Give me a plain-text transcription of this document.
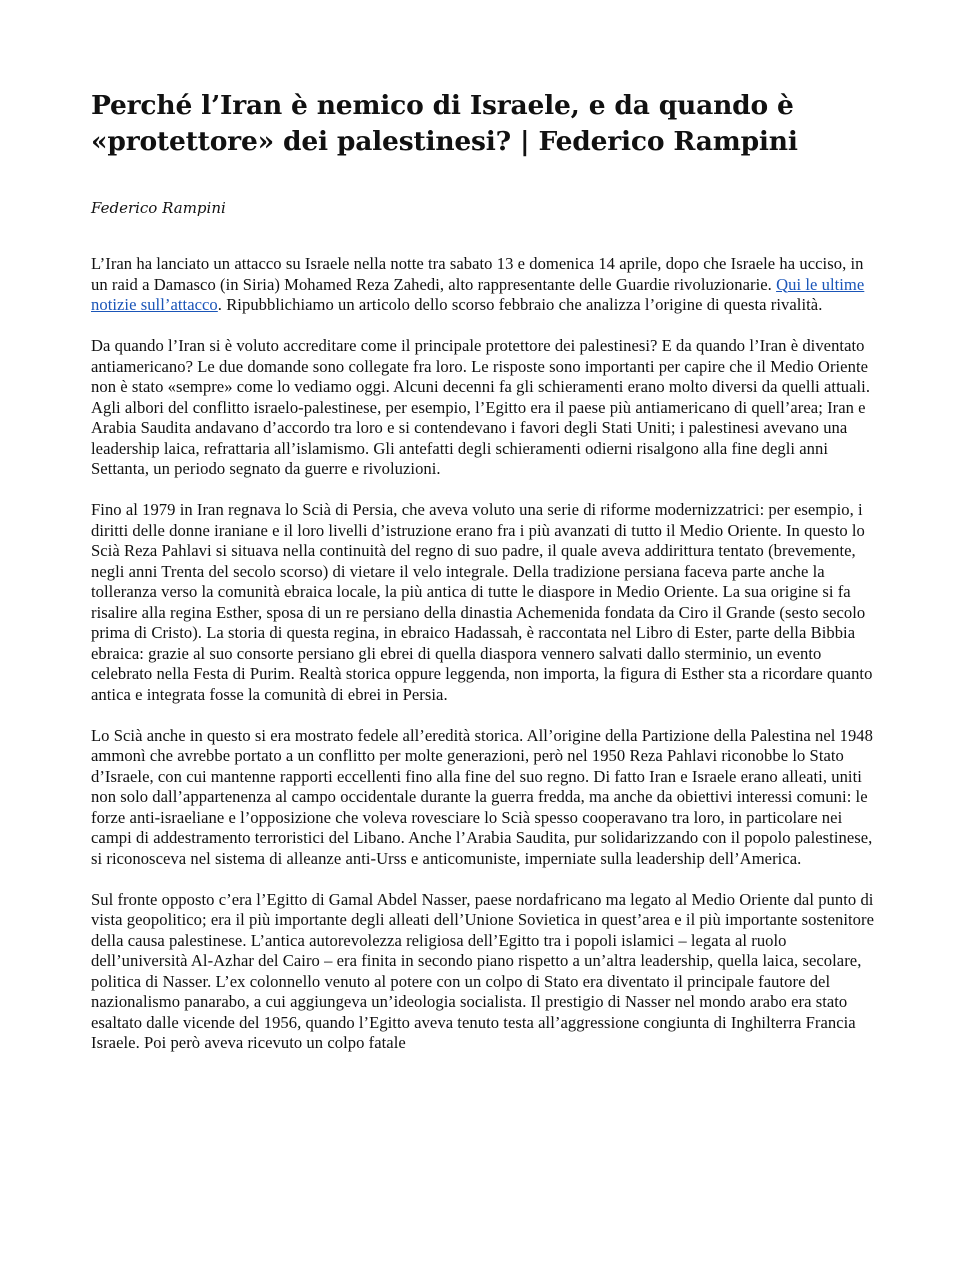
Perché l’Iran è nemico di Israele, e da quando è «protettore» dei palestinesi? | Federico Rampini

Federico Rampini

L’Iran ha lanciato un attacco su Israele nella notte tra sabato 13 e domenica 14 aprile, dopo che Israele ha ucciso, in un raid a Damasco (in Siria) Mohamed Reza Zahedi, alto rappresentante delle Guardie rivoluzionarie. Qui le ultime notizie sull’attacco. Ripubblichiamo un articolo dello scorso febbraio che analizza l’origine di questa rivalità.

Da quando l’Iran si è voluto accreditare come il principale protettore dei palestinesi? E da quando l’Iran è diventato antiamericano? Le due domande sono collegate fra loro. Le risposte sono importanti per capire che il Medio Oriente non è stato «sempre» come lo vediamo oggi. Alcuni decenni fa gli schieramenti erano molto diversi da quelli attuali. Agli albori del conflitto israelo-palestinese, per esempio, l’Egitto era il paese più antiamericano di quell’area; Iran e Arabia Saudita andavano d’accordo tra loro e si contendevano i favori degli Stati Uniti; i palestinesi avevano una leadership laica, refrattaria all’islamismo. Gli antefatti degli schieramenti odierni risalgono alla fine degli anni Settanta, un periodo segnato da guerre e rivoluzioni.

Fino al 1979 in Iran regnava lo Scià di Persia, che aveva voluto una serie di riforme modernizzatrici: per esempio, i diritti delle donne iraniane e il loro livelli d’istruzione erano fra i più avanzati di tutto il Medio Oriente. In questo lo Scià Reza Pahlavi si situava nella continuità del regno di suo padre, il quale aveva addirittura tentato (brevemente, negli anni Trenta del secolo scorso) di vietare il velo integrale. Della tradizione persiana faceva parte anche la tolleranza verso la comunità ebraica locale, la più antica di tutte le diaspore in Medio Oriente. La sua origine si fa risalire alla regina Esther, sposa di un re persiano della dinastia Achemenida fondata da Ciro il Grande (sesto secolo prima di Cristo). La storia di questa regina, in ebraico Hadassah, è raccontata nel Libro di Ester, parte della Bibbia ebraica: grazie al suo consorte persiano gli ebrei di quella diaspora vennero salvati dallo sterminio, un evento celebrato nella Festa di Purim. Realtà storica oppure leggenda, non importa, la figura di Esther sta a ricordare quanto antica e integrata fosse la comunità di ebrei in Persia.

Lo Scià anche in questo si era mostrato fedele all’eredità storica. All’origine della Partizione della Palestina nel 1948 ammonì che avrebbe portato a un conflitto per molte generazioni, però nel 1950 Reza Pahlavi riconobbe lo Stato d’Israele, con cui mantenne rapporti eccellenti fino alla fine del suo regno. Di fatto Iran e Israele erano alleati, uniti non solo dall’appartenenza al campo occidentale durante la guerra fredda, ma anche da obiettivi interessi comuni: le forze anti-israeliane e l’opposizione che voleva rovesciare lo Scià spesso cooperavano tra loro, in particolare nei campi di addestramento terroristici del Libano. Anche l’Arabia Saudita, pur solidarizzando con il popolo palestinese, si riconosceva nel sistema di alleanze anti-Urss e anticomuniste, imperniate sulla leadership dell’America.

Sul fronte opposto c’era l’Egitto di Gamal Abdel Nasser, paese nordafricano ma legato al Medio Oriente dal punto di vista geopolitico; era il più importante degli alleati dell’Unione Sovietica in quest’area e il più importante sostenitore della causa palestinese. L’antica autorevolezza religiosa dell’Egitto tra i popoli islamici – legata al ruolo dell’università Al-Azhar del Cairo – era finita in secondo piano rispetto a un’altra leadership, quella laica, secolare, politica di Nasser. L’ex colonnello venuto al potere con un colpo di Stato era diventato il principale fautore del nazionalismo panarabo, a cui aggiungeva un’ideologia socialista. Il prestigio di Nasser nel mondo arabo era stato esaltato dalle vicende del 1956, quando l’Egitto aveva tenuto testa all’aggressione congiunta di Inghilterra Francia Israele. Poi però aveva ricevuto un colpo fatale
